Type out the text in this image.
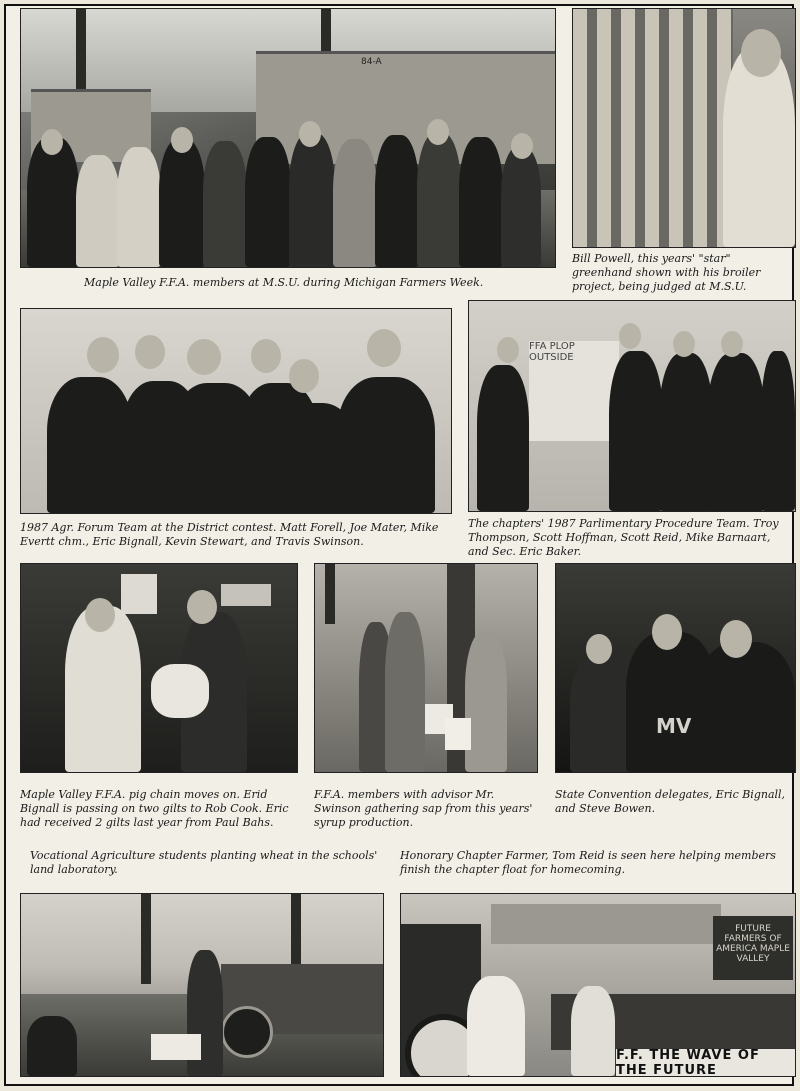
84-A
Maple Valley F.F.A. members at M.S.U. during Michigan Farmers Week.
Bill Powell, this years' "star" greenhand shown with his broiler project, being judged at M.S.U.
1987 Agr. Forum Team at the District contest. Matt Forell, Joe Mater, Mike Evertt chm., Eric Bignall, Kevin Stewart, and Travis Swinson.
FFA PLOP OUTSIDE
The chapters' 1987 Parlimentary Procedure Team. Troy Thompson, Scott Hoffman, Scott Reid, Mike Barnaart, and Sec. Eric Baker.
Maple Valley F.F.A. pig chain moves on. Erid Bignall is passing on two gilts to Rob Cook. Eric had received 2 gilts last year from Paul Bahs.
F.F.A. members with advisor Mr. Swinson gathering sap from this years' syrup production.
MV
State Convention delegates, Eric Bignall, and Steve Bowen.
Vocational Agriculture students planting wheat in the schools' land laboratory.
Honorary Chapter Farmer, Tom Reid is seen here helping members finish the chapter float for homecoming.
FUTURE FARMERS OF AMERICA MAPLE VALLEY
F.F. THE WAVE OF THE FUTURE
